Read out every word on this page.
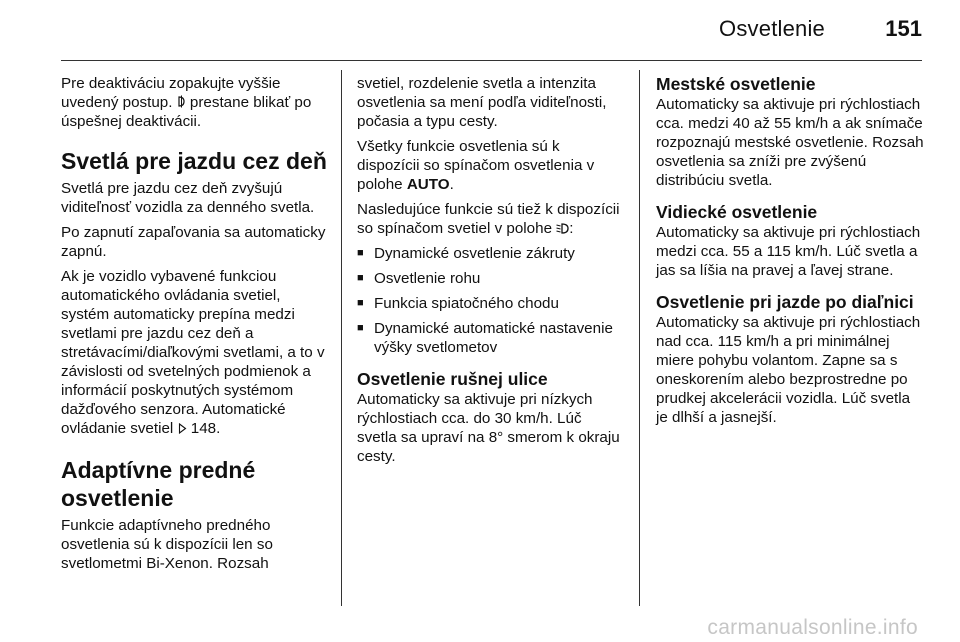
Osvetlenie	151

Pre deaktiváciu zopakujte vyššie uvedený postup.  prestane blikať po úspešnej deaktivácii.

Svetlá pre jazdu cez deň

Svetlá pre jazdu cez deň zvyšujú viditeľnosť vozidla za denného svetla.

Po zapnutí zapaľovania sa automaticky zapnú.

Ak je vozidlo vybavené funkciou automatického ovládania svetiel, systém automaticky prepína medzi svetlami pre jazdu cez deň a stretávacími/diaľkovými svetlami, a to v závislosti od svetelných podmienok a informácií poskytnutých systémom dažďového senzora. Automatické ovládanie svetiel  148.

Adaptívne predné osvetlenie

Funkcie adaptívneho predného osvetlenia sú k dispozícii len so svetlometmi Bi-Xenon. Rozsah

svetiel, rozdelenie svetla a intenzita osvetlenia sa mení podľa viditeľnosti, počasia a typu cesty.

Všetky funkcie osvetlenia sú k dispozícii so spínačom osvetlenia v polohe AUTO.

Nasledujúce funkcie sú tiež k dispozícii so spínačom svetiel v polohe :

■ Dynamické osvetlenie zákruty
■ Osvetlenie rohu
■ Funkcia spiatočného chodu
■ Dynamické automatické nastavenie výšky svetlometov
Osvetlenie rušnej ulice

Automaticky sa aktivuje pri nízkych rýchlostiach cca. do 30 km/h. Lúč svetla sa upraví na 8° smerom k okraju cesty.

Mestské osvetlenie

Automaticky sa aktivuje pri rýchlostiach cca. medzi 40 až 55 km/h a ak snímače rozpoznajú mestské osvetlenie. Rozsah osvetlenia sa zníži pre zvýšenú distribúciu svetla.

Vidiecké osvetlenie

Automaticky sa aktivuje pri rýchlostiach medzi cca. 55 a 115 km/h. Lúč svetla a jas sa líšia na pravej a ľavej strane.

Osvetlenie pri jazde po diaľnici

Automaticky sa aktivuje pri rýchlostiach nad cca. 115 km/h a pri minimálnej miere pohybu volantom. Zapne sa s oneskorením alebo bezprostredne po prudkej akcelerácii vozidla. Lúč svetla je dlhší a jasnejší.

carmanualsonline.info
